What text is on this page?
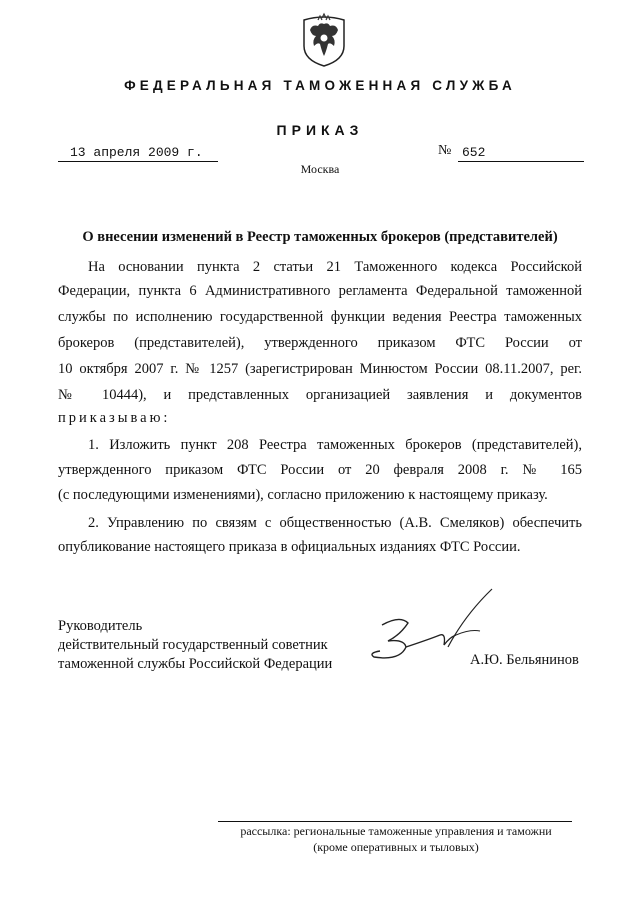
ФЕДЕРАЛЬНАЯ ТАМОЖЕННАЯ СЛУЖБА
ПРИКАЗ
13 апреля 2009 г.	№ 652
Москва
О внесении изменений в Реестр таможенных брокеров (представителей)
На основании пункта 2 статьи 21 Таможенного кодекса Российской
Федерации, пункта 6 Административного регламента Федеральной таможенной
службы по исполнению государственной функции ведения Реестра таможенных
брокеров (представителей), утвержденного приказом ФТС России от
10 октября 2007 г. № 1257 (зарегистрирован Минюстом России 08.11.2007, рег.
№ 10444), и представленных организацией заявления и документов
приказываю:
1. Изложить пункт 208 Реестра таможенных брокеров (представителей),
утвержденного приказом ФТС России от 20 февраля 2008 г. № 165
(с последующими изменениями), согласно приложению к настоящему приказу.
2. Управлению по связям с общественностью (А.В. Смеляков) обеспечить
опубликование настоящего приказа в официальных изданиях ФТС России.
Руководитель
действительный государственный советник
таможенной службы Российской Федерации	А.Ю. Бельянинов
рассылка: региональные таможенные управления и таможни
(кроме оперативных и тыловых)
